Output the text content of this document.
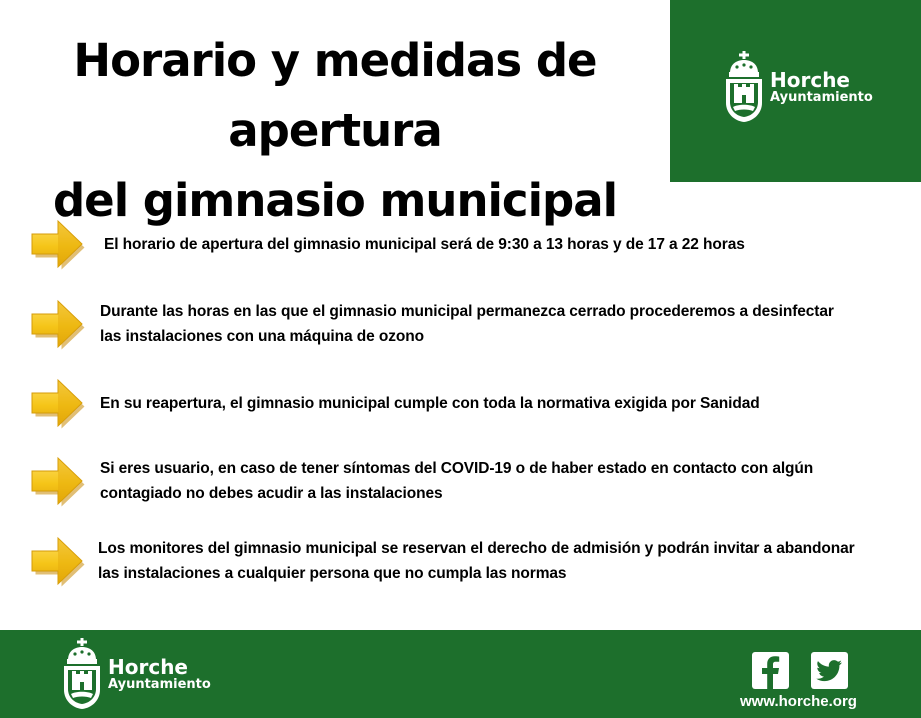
Horario y medidas de apertura
del gimnasio municipal
Horche
Ayuntamiento
El horario de apertura del gimnasio municipal será de 9:30 a 13 horas y de 17 a 22 horas
Durante las horas en las que el gimnasio municipal permanezca cerrado procederemos a desinfectar
las instalaciones con una máquina de ozono
En su reapertura, el gimnasio municipal cumple con toda la normativa exigida por Sanidad
Si eres usuario, en caso de tener síntomas del COVID-19 o de haber estado en contacto con algún
contagiado no debes acudir a las instalaciones
Los monitores del gimnasio municipal se reservan el derecho de admisión y podrán invitar a abandonar
las instalaciones a cualquier persona que no cumpla las normas
Horche
Ayuntamiento
www.horche.org
